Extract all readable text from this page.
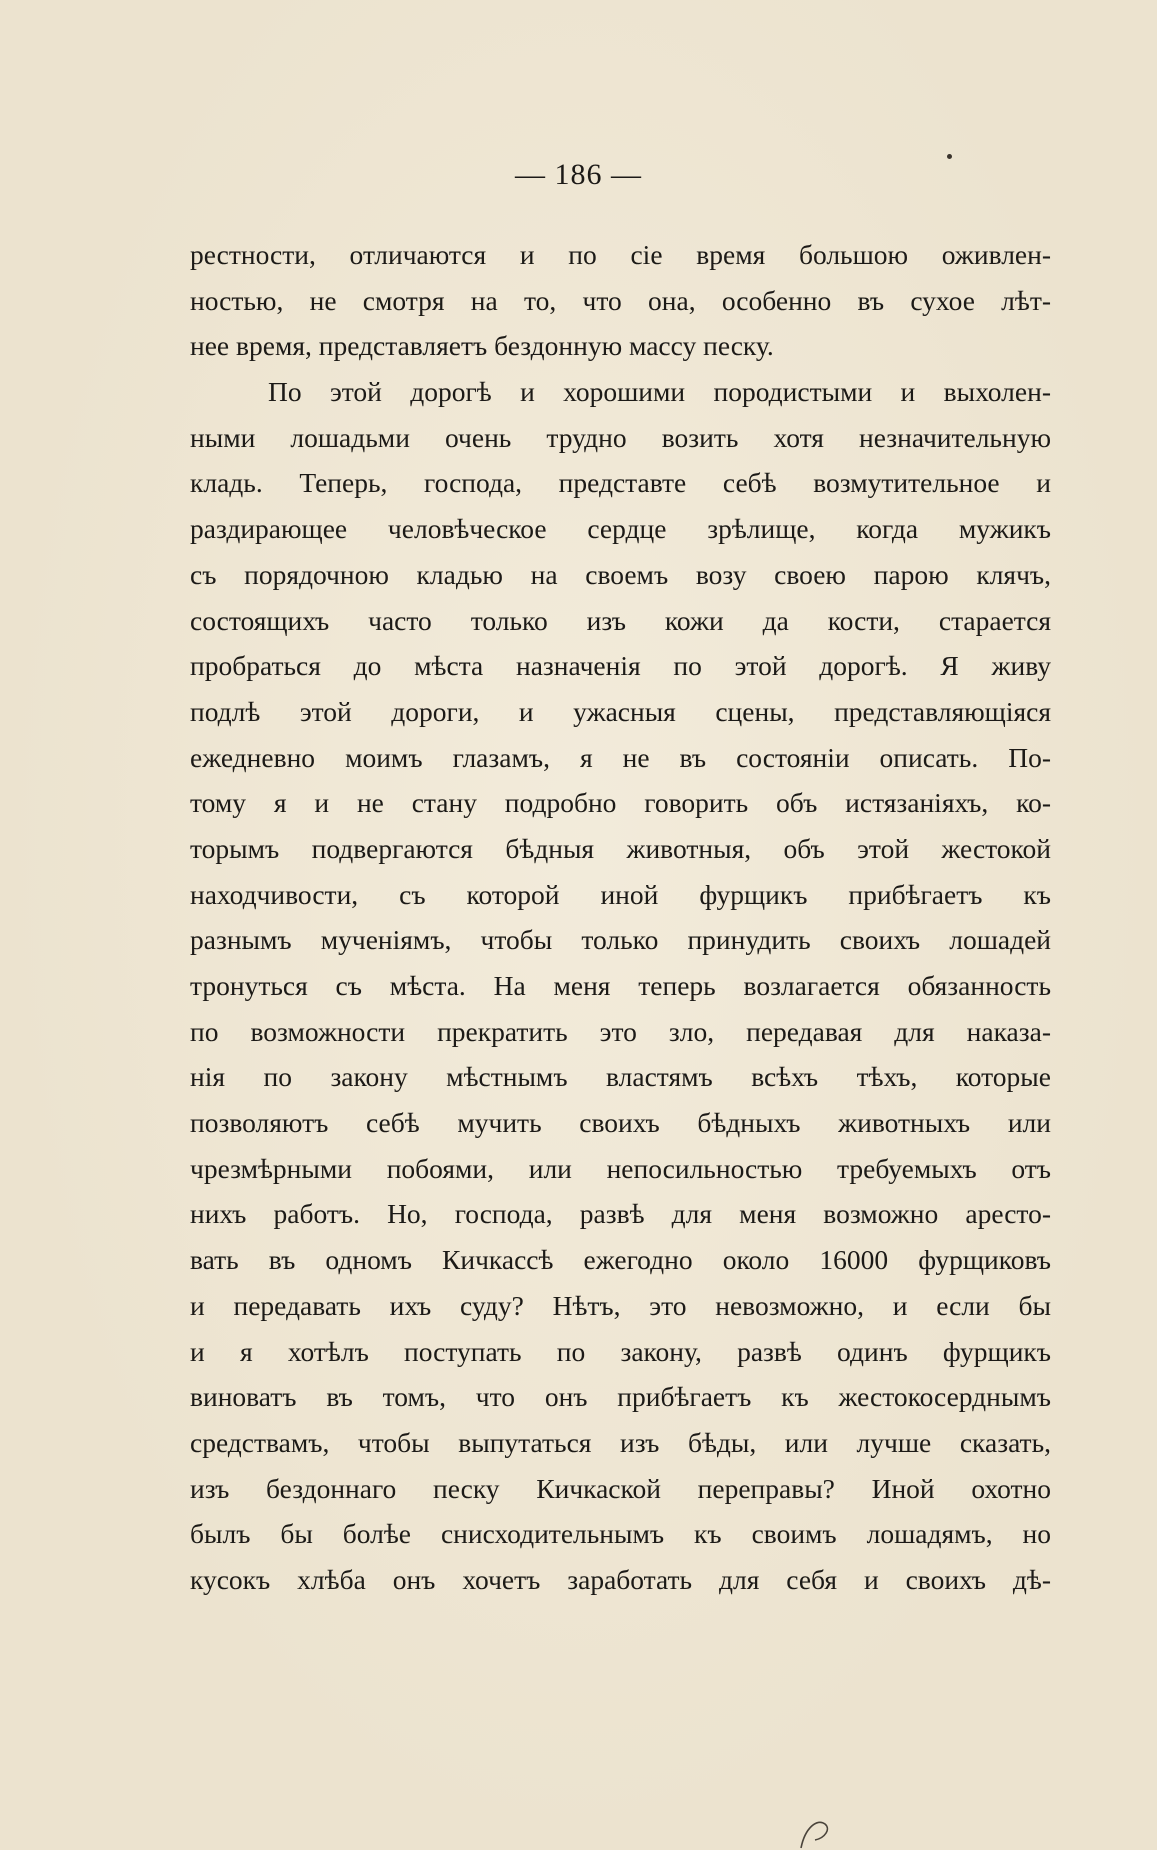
— 186 —
рестности, отличаются и по сіе время большою оживлен-
ностью, не смотря на то, что она, особенно въ сухое лѣт-
нее время, представляетъ бездонную массу песку.
По этой дорогѣ и хорошими породистыми и выхолен-
ными лошадьми очень трудно возить хотя незначительную
кладь. Теперь, господа, представте себѣ возмутительное и
раздирающее человѣческое сердце зрѣлище, когда мужикъ
съ порядочною кладью на своемъ возу своею парою клячъ,
состоящихъ часто только изъ кожи да кости, старается
пробраться до мѣста назначенія по этой дорогѣ. Я живу
подлѣ этой дороги, и ужасныя сцены, представляющіяся
ежедневно моимъ глазамъ, я не въ состояніи описать. По-
тому я и не стану подробно говорить объ истязаніяхъ, ко-
торымъ подвергаются бѣдныя животныя, объ этой жестокой
находчивости, съ которой иной фурщикъ прибѣгаетъ къ
разнымъ мученіямъ, чтобы только принудить своихъ лошадей
тронуться съ мѣста. На меня теперь возлагается обязанность
по возможности прекратить это зло, передавая для наказа-
нія по закону мѣстнымъ властямъ всѣхъ тѣхъ, которые
позволяютъ себѣ мучить своихъ бѣдныхъ животныхъ или
чрезмѣрными побоями, или непосильностью требуемыхъ отъ
нихъ работъ. Но, господа, развѣ для меня возможно аресто-
вать въ одномъ Кичкассѣ ежегодно около 16000 фурщиковъ
и передавать ихъ суду? Нѣтъ, это невозможно, и если бы
и я хотѣлъ поступать по закону, развѣ одинъ фурщикъ
виноватъ въ томъ, что онъ прибѣгаетъ къ жестокосерднымъ
средствамъ, чтобы выпутаться изъ бѣды, или лучше сказать,
изъ бездоннаго песку Кичкаской переправы? Иной охотно
былъ бы болѣе снисходительнымъ къ своимъ лошадямъ, но
кусокъ хлѣба онъ хочетъ заработать для себя и своихъ дѣ-
